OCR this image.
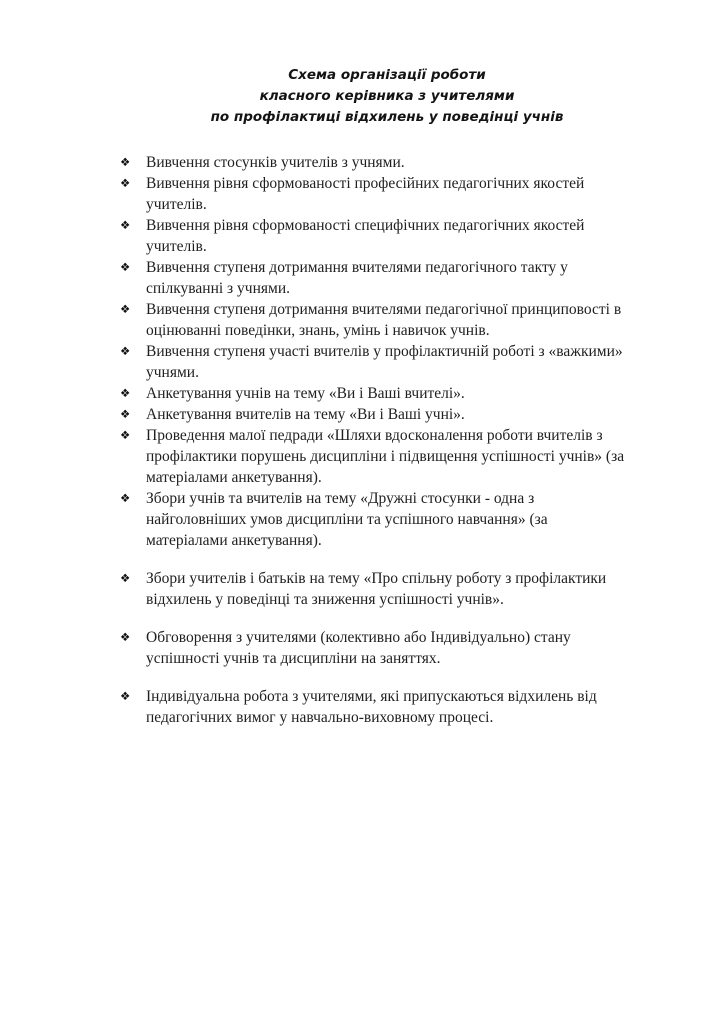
Схема організації роботи
класного керівника з учителями
по профілактиці відхилень у поведінці учнів
❖	Вивчення стосунків учителів з учнями.
❖	Вивчення рівня сформованості професійних педагогічних якостей
учителів.
❖	Вивчення рівня сформованості специфічних педагогічних якостей
учителів.
❖	Вивчення ступеня дотримання вчителями педагогічного такту у
спілкуванні з учнями.
❖	Вивчення ступеня дотримання вчителями педагогічної принциповості в
оцінюванні поведінки, знань, умінь і навичок учнів.
❖	Вивчення ступеня участі вчителів у профілактичній роботі з «важкими»
учнями.
❖	Анкетування учнів на тему «Ви і Ваші вчителі».
❖	Анкетування вчителів на тему «Ви і Ваші учні».
❖	Проведення малої педради «Шляхи вдосконалення роботи вчителів з
профілактики порушень дисципліни і підвищення успішності учнів» (за
матеріалами анкетування).
❖	Збори учнів та вчителів на тему «Дружні стосунки - одна з
найголовніших умов дисципліни та успішного навчання» (за
матеріалами анкетування).
❖	Збори учителів і батьків на тему «Про спільну роботу з профілактики
відхилень у поведінці та зниження успішності учнів».
❖	Обговорення з учителями (колективно або Індивідуально) стану
успішності учнів та дисципліни на заняттях.
❖	Індивідуальна робота з учителями, які припускаються відхилень від
педагогічних вимог у навчально-виховному процесі.
